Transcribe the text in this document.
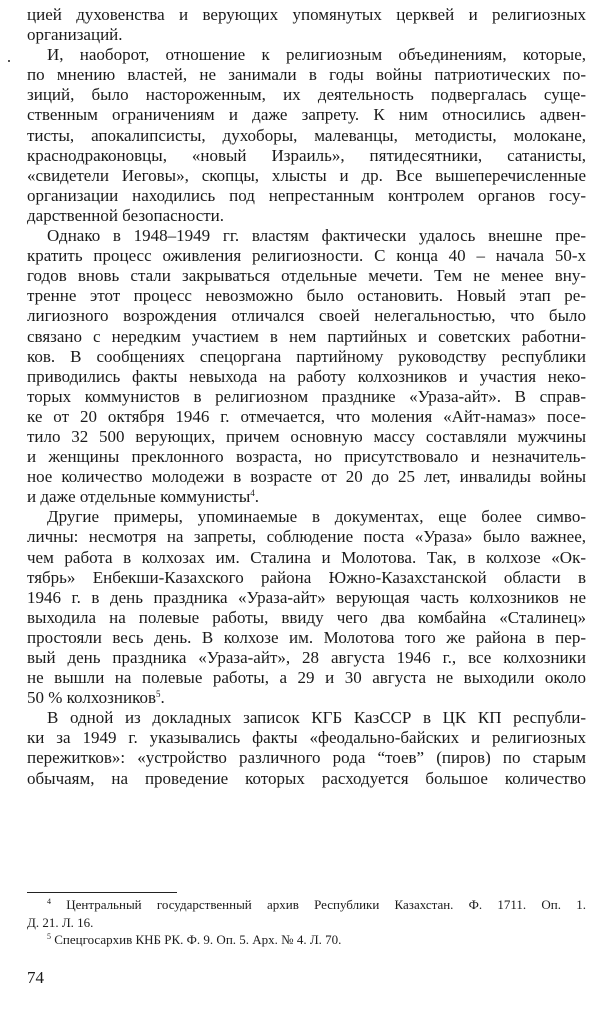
цией духовенства и верующих упомянутых церквей и религиозных
организаций.
И, наоборот, отношение к религиозным объединениям, которые,
по мнению властей, не занимали в годы войны патриотических по-
зиций, было настороженным, их деятельность подвергалась суще-
ственным ограничениям и даже запрету. К ним относились адвен-
тисты, апокалипсисты, духоборы, малеванцы, методисты, молокане,
краснодраконовцы, «новый Израиль», пятидесятники, сатанисты,
«свидетели Иеговы», скопцы, хлысты и др. Все вышеперечисленные
организации находились под непрестанным контролем органов госу-
дарственной безопасности.
Однако в 1948–1949 гг. властям фактически удалось внешне пре-
кратить процесс оживления религиозности. С конца 40 – начала 50-х
годов вновь стали закрываться отдельные мечети. Тем не менее вну-
тренне этот процесс невозможно было остановить. Новый этап ре-
лигиозного возрождения отличался своей нелегальностью, что было
связано с нередким участием в нем партийных и советских работни-
ков. В сообщениях спецоргана партийному руководству республики
приводились факты невыхода на работу колхозников и участия неко-
торых коммунистов в религиозном празднике «Ураза-айт». В справ-
ке от 20 октября 1946 г. отмечается, что моления «Айт-намаз» посе-
тило 32 500 верующих, причем основную массу составляли мужчины
и женщины преклонного возраста, но присутствовало и незначитель-
ное количество молодежи в возрасте от 20 до 25 лет, инвалиды войны
и даже отдельные коммунисты$^4$.
Другие примеры, упоминаемые в документах, еще более симво-
личны: несмотря на запреты, соблюдение поста «Ураза» было важнее,
чем работа в колхозах им. Сталина и Молотова. Так, в колхозе «Ок-
тябрь» Енбекши-Казахского района Южно-Казахстанской области в
1946 г. в день праздника «Ураза-айт» верующая часть колхозников не
выходила на полевые работы, ввиду чего два комбайна «Сталинец»
простояли весь день. В колхозе им. Молотова того же района в пер-
вый день праздника «Ураза-айт», 28 августа 1946 г., все колхозники
не вышли на полевые работы, а 29 и 30 августа не выходили около
50 % колхозников$^5$.
В одной из докладных записок КГБ КазССР в ЦК КП республи-
ки за 1949 г. указывались факты «феодально-байских и религиозных
пережитков»: «устройство различного рода “тоев” (пиров) по старым
обычаям, на проведение которых расходуется большое количество
$^4$ Центральный государственный архив Республики Казахстан. Ф. 1711. Оп. 1.
Д. 21. Л. 16.
$^5$ Спецгосархив КНБ РК. Ф. 9. Оп. 5. Арх. № 4. Л. 70.
74
